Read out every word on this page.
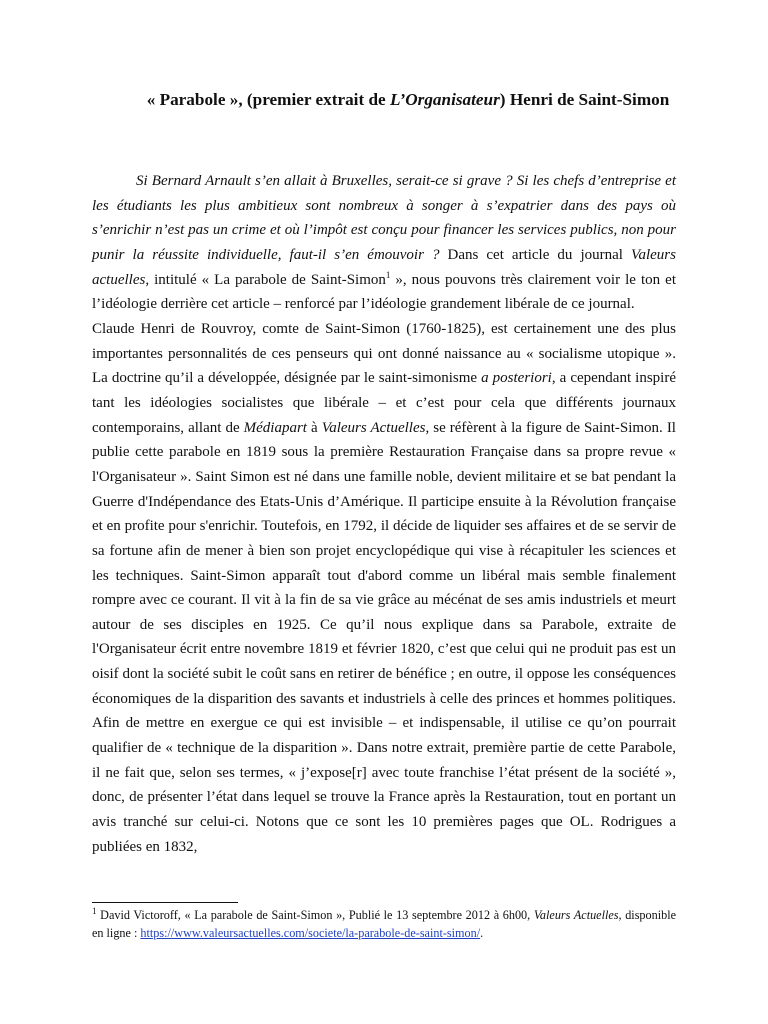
« Parabole », (premier extrait de L’Organisateur) Henri de Saint-Simon

Si Bernard Arnault s’en allait à Bruxelles, serait-ce si grave ? Si les chefs d’entreprise et les étudiants les plus ambitieux sont nombreux à songer à s’expatrier dans des pays où s’enrichir n’est pas un crime et où l’impôt est conçu pour financer les services publics, non pour punir la réussite individuelle, faut-il s’en émouvoir ? Dans cet article du journal Valeurs actuelles, intitulé « La parabole de Saint-Simon$^1$ », nous pouvons très clairement voir le ton et l’idéologie derrière cet article – renforcé par l’idéologie grandement libérale de ce journal.

Claude Henri de Rouvroy, comte de Saint-Simon (1760-1825), est certainement une des plus importantes personnalités de ces penseurs qui ont donné naissance au « socialisme utopique ». La doctrine qu’il a développée, désignée par le saint-simonisme a posteriori, a cependant inspiré tant les idéologies socialistes que libérale – et c’est pour cela que différents journaux contemporains, allant de Médiapart à Valeurs Actuelles, se réfèrent à la figure de Saint-Simon. Il publie cette parabole en 1819 sous la première Restauration Française dans sa propre revue « l'Organisateur ». Saint Simon est né dans une famille noble, devient militaire et se bat pendant la Guerre d'Indépendance des Etats-Unis d’Amérique. Il participe ensuite à la Révolution française et en profite pour s'enrichir. Toutefois, en 1792, il décide de liquider ses affaires et de se servir de sa fortune afin de mener à bien son projet encyclopédique qui vise à récapituler les sciences et les techniques. Saint-Simon apparaît tout d'abord comme un libéral mais semble finalement rompre avec ce courant. Il vit à la fin de sa vie grâce au mécénat de ses amis industriels et meurt autour de ses disciples en 1925. Ce qu’il nous explique dans sa Parabole, extraite de l'Organisateur écrit entre novembre 1819 et février 1820, c’est que celui qui ne produit pas est un oisif dont la société subit le coût sans en retirer de bénéfice ; en outre, il oppose les conséquences économiques de la disparition des savants et industriels à celle des princes et hommes politiques. Afin de mettre en exergue ce qui est invisible – et indispensable, il utilise ce qu’on pourrait qualifier de « technique de la disparition ». Dans notre extrait, première partie de cette Parabole, il ne fait que, selon ses termes, « j’expose[r] avec toute franchise l’état présent de la société », donc, de présenter l’état dans lequel se trouve la France après la Restauration, tout en portant un avis tranché sur celui-ci. Notons que ce sont les 10 premières pages que OL. Rodrigues a publiées en 1832,

$^1$ David Victoroff, « La parabole de Saint-Simon », Publié le 13 septembre 2012 à 6h00, Valeurs Actuelles, disponible en ligne : https://www.valeursactuelles.com/societe/la-parabole-de-saint-simon/.
